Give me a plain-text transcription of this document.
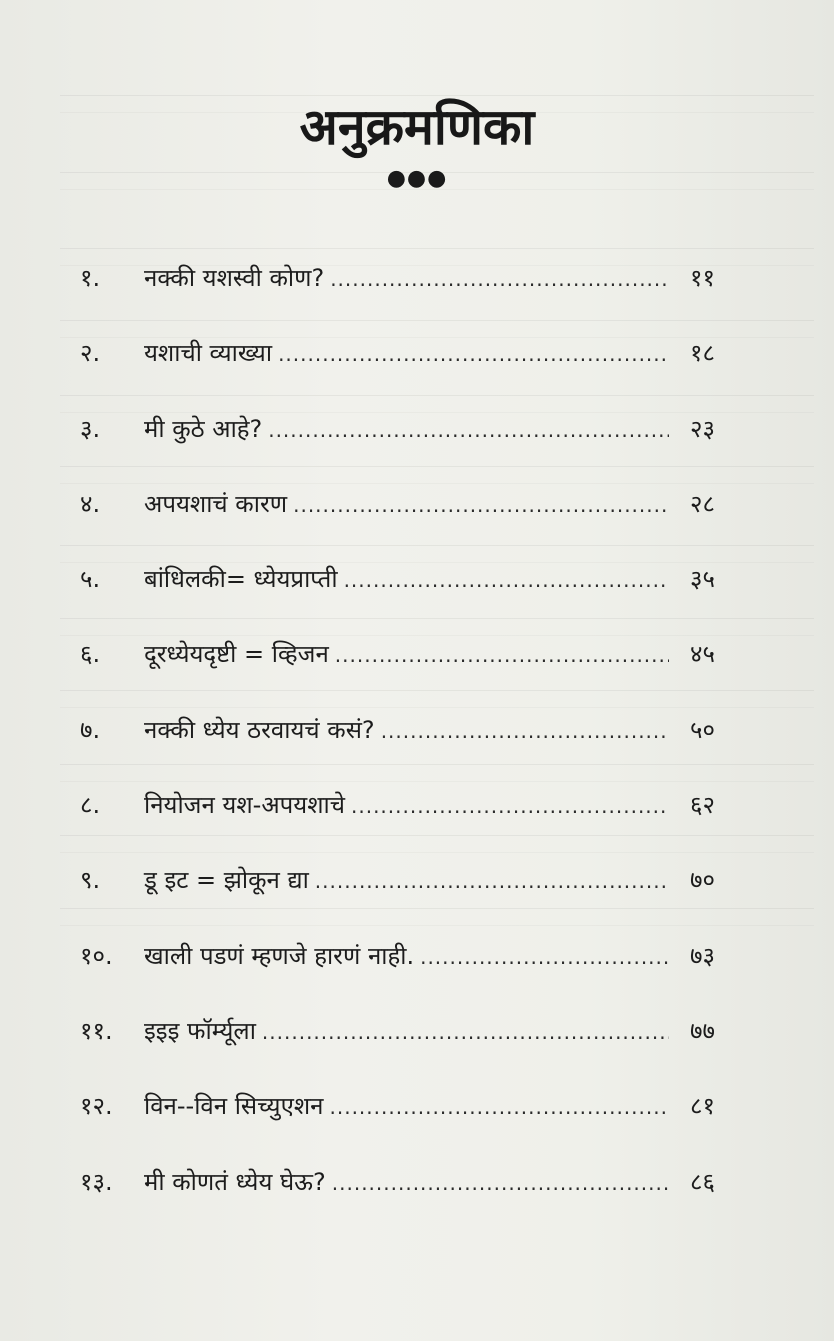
अनुक्रमणिका
●●●
१.	नक्की यशस्वी कोण? .....	११
२.	यशाची व्याख्या .....	१८
३.	मी कुठे आहे? .....	२३
४.	अपयशाचं कारण .....	२८
५.	बांधिलकी= ध्येयप्राप्ती .....	३५
६.	दूरध्येयदृष्टी = व्हिजन .....	४५
७.	नक्की ध्येय ठरवायचं कसं? .....	५०
८.	नियोजन यश-अपयशाचे .....	६२
९.	डू इट = झोकून द्या .....	७०
१०.	खाली पडणं म्हणजे हारणं नाही. .....	७३
११.	इइइ फॉर्म्यूला .....	७७
१२.	विन--विन सिच्युएशन .....	८१
१३.	मी कोणतं ध्येय घेऊ? .....	८६
